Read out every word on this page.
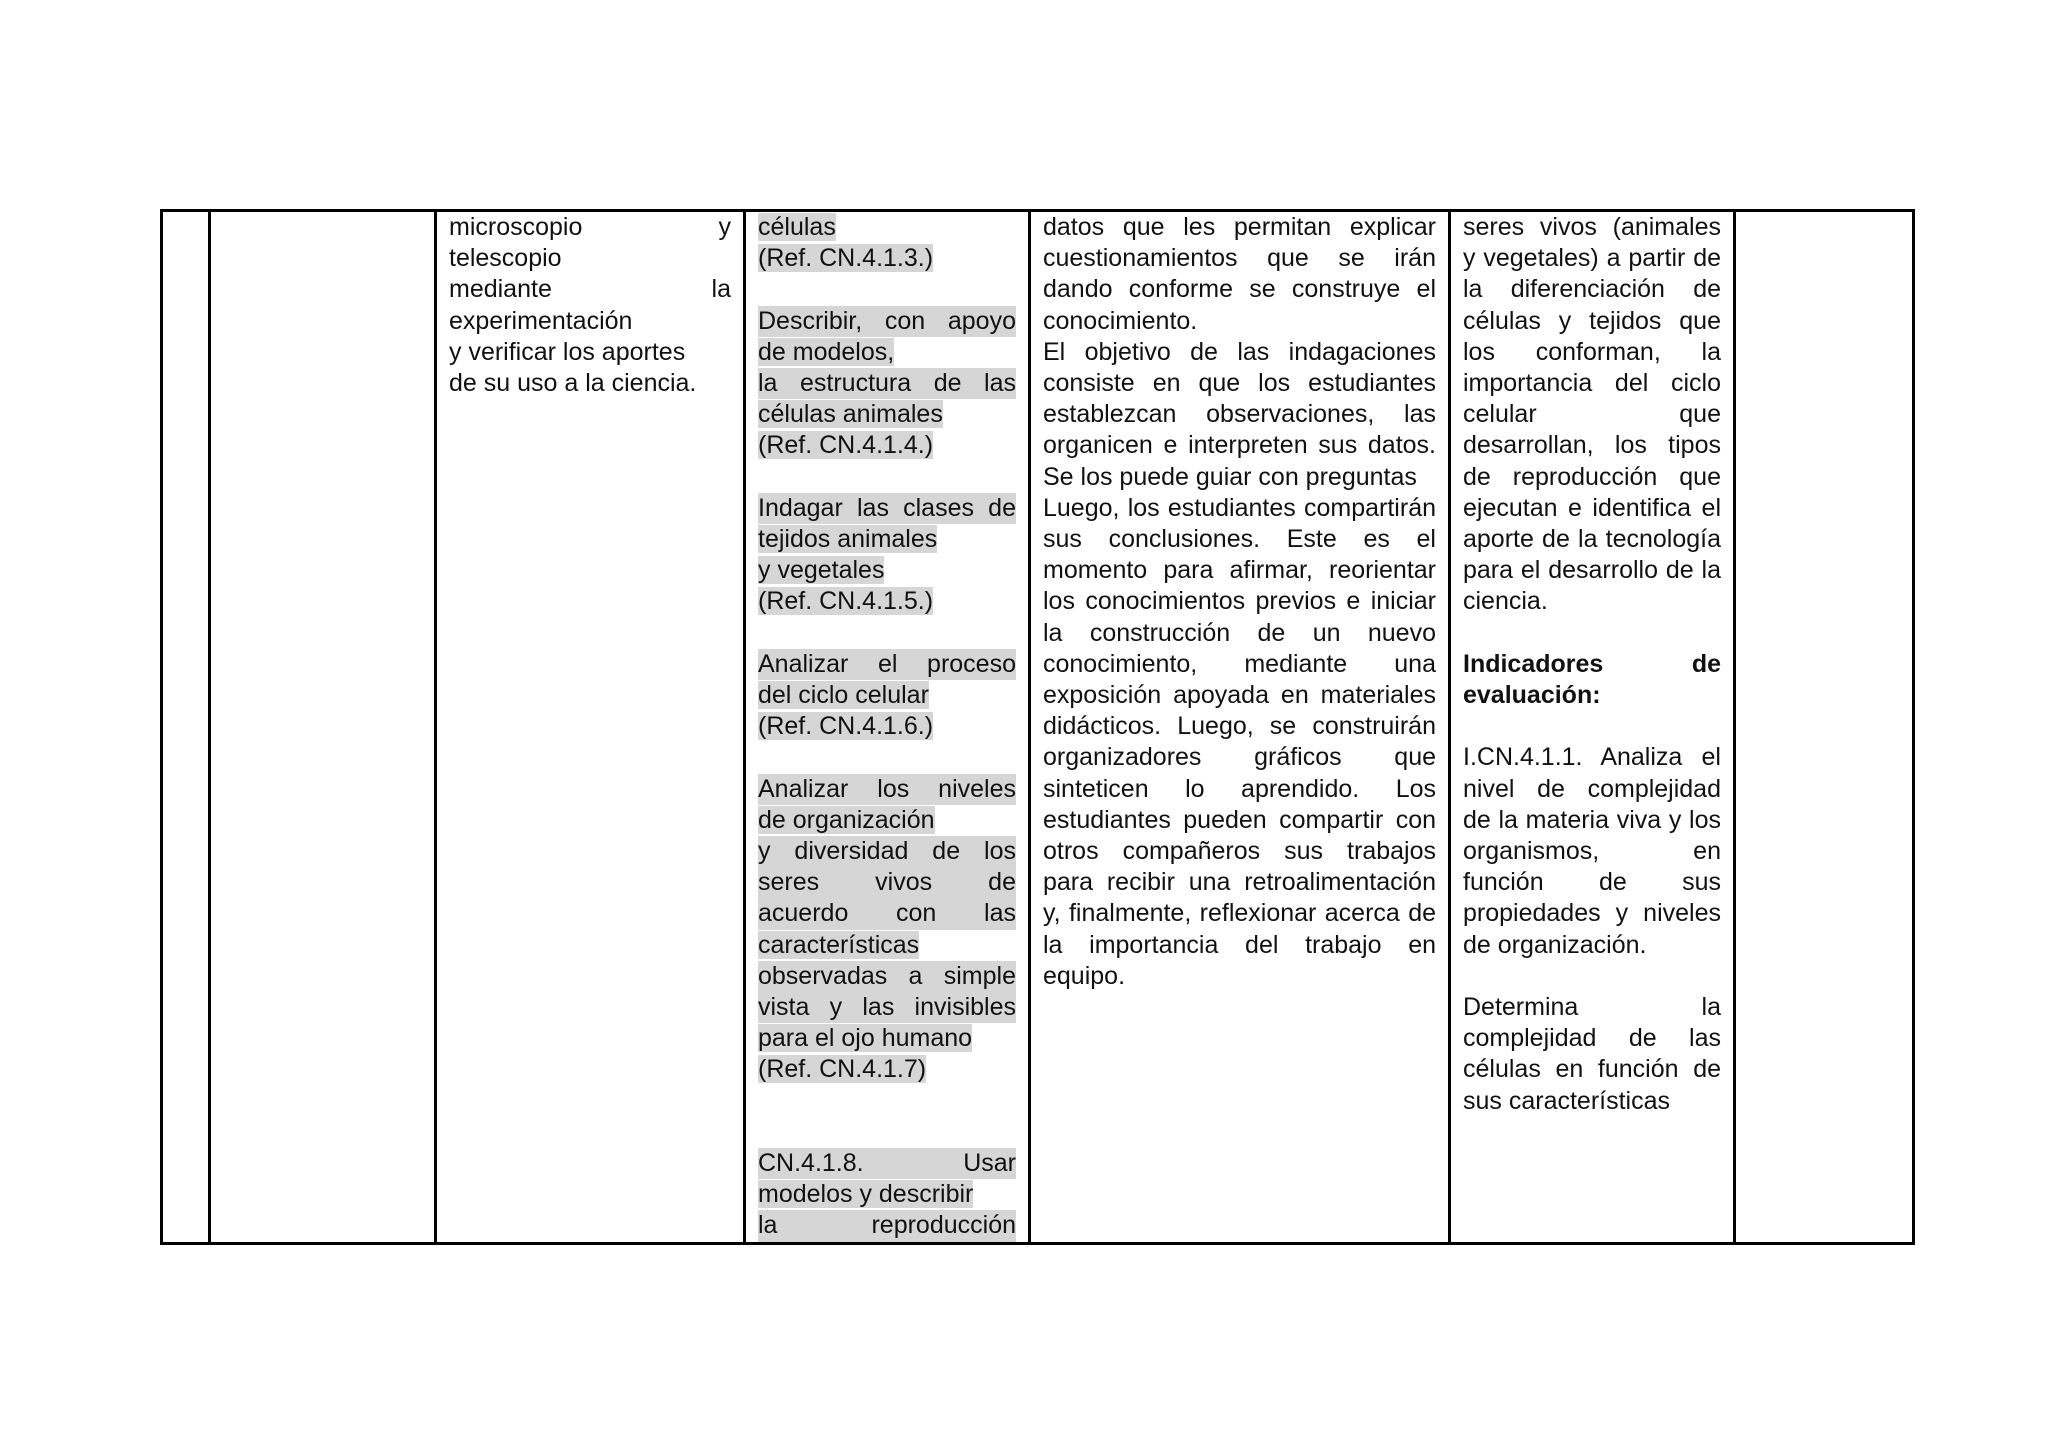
microscopio	y
telescopio
mediante	la
experimentación
y verificar los aportes
de su uso a la ciencia.

células
(Ref. CN.4.1.3.)
Describir, con apoyo
de modelos,
la estructura de las
células animales
(Ref. CN.4.1.4.)
Indagar las clases de
tejidos animales
y vegetales
(Ref. CN.4.1.5.)
Analizar el proceso
del ciclo celular
(Ref. CN.4.1.6.)
Analizar los niveles
de organización
y diversidad de los
seres vivos de
acuerdo con las
características
observadas a simple
vista y las invisibles
para el ojo humano
(Ref. CN.4.1.7)
CN.4.1.8. Usar
modelos y describir
la reproducción

datos que les permitan explicar cuestionamientos que se irán dando conforme se construye el conocimiento.
El objetivo de las indagaciones consiste en que los estudiantes establezcan observaciones, las organicen e interpreten sus datos. Se los puede guiar con preguntas
Luego, los estudiantes compartirán sus conclusiones. Este es el momento para afirmar, reorientar los conocimientos previos e iniciar la construcción de un nuevo conocimiento, mediante una exposición apoyada en materiales didácticos. Luego, se construirán organizadores gráficos que sinteticen lo aprendido. Los estudiantes pueden compartir con otros compañeros sus trabajos para recibir una retroalimentación y, finalmente, reflexionar acerca de la importancia del trabajo en equipo.

seres vivos (animales y vegetales) a partir de la diferenciación de células y tejidos que los conforman, la importancia del ciclo celular que desarrollan, los tipos de reproducción que ejecutan e identifica el aporte de la tecnología para el desarrollo de la ciencia.
Indicadores de evaluación:
I.CN.4.1.1. Analiza el nivel de complejidad de la materia viva y los organismos, en función de sus propiedades y niveles de organización.
Determina la complejidad de las células en función de sus características
